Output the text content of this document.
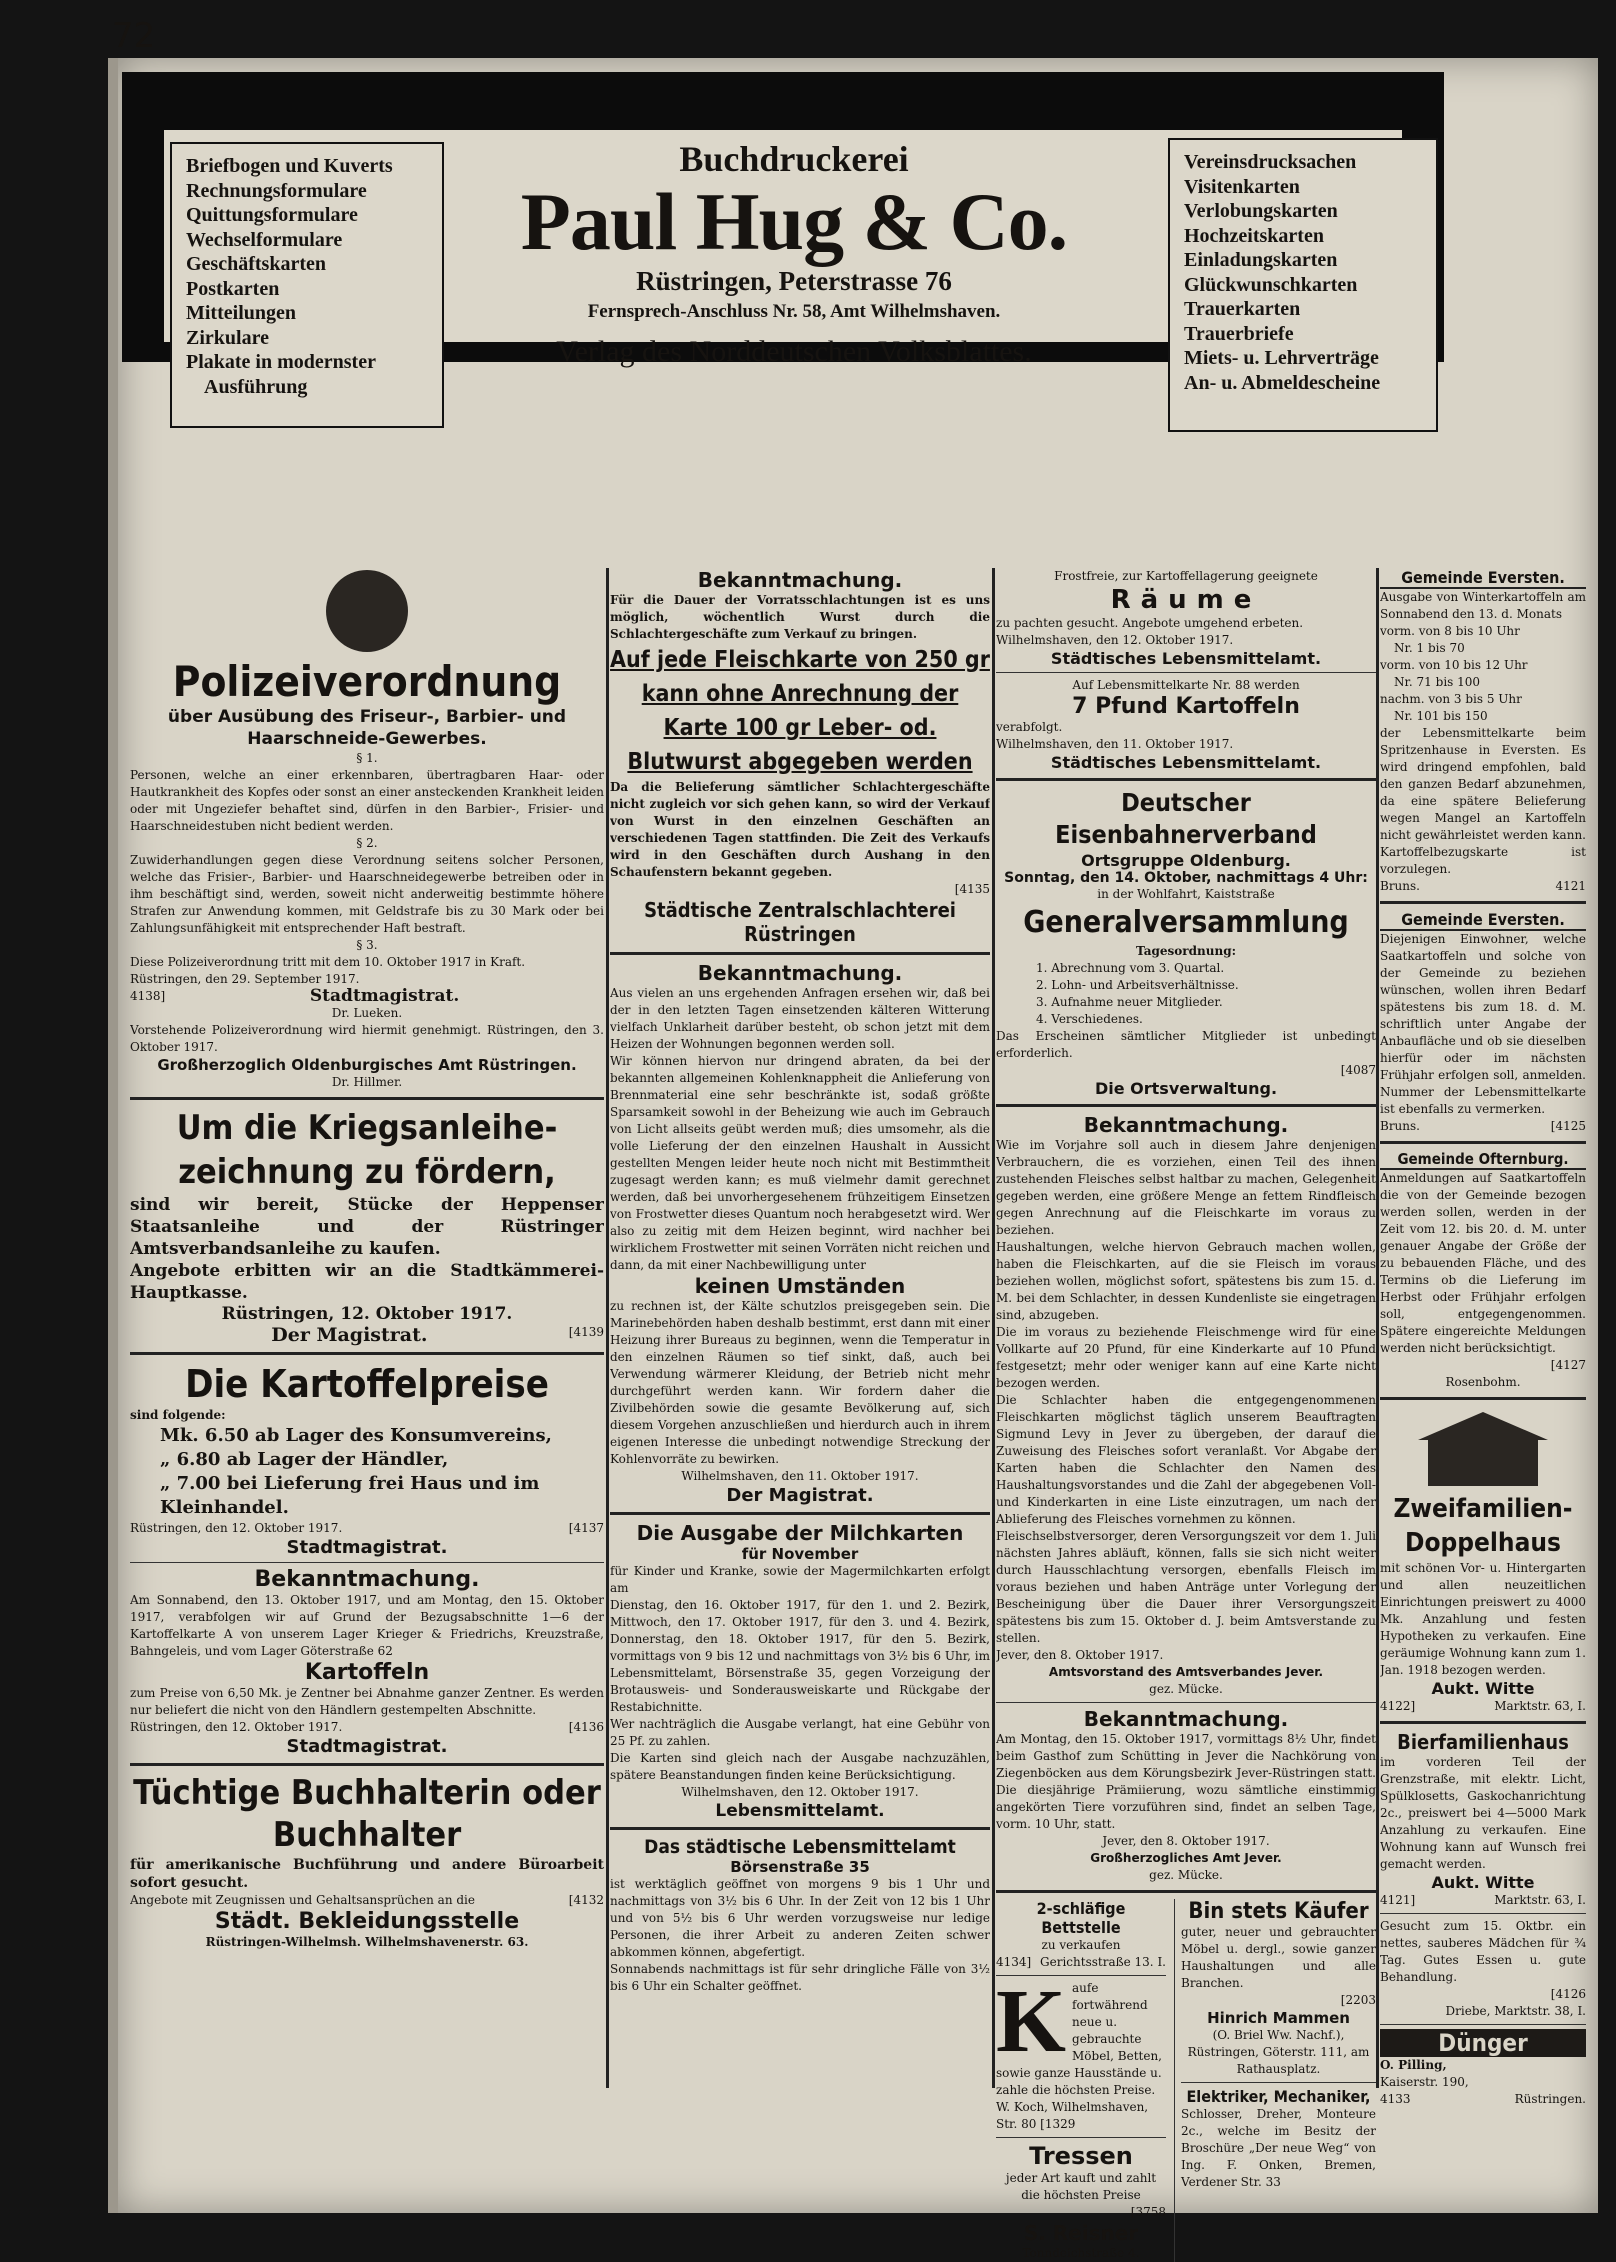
72
Briefbogen und Kuverts
Rechnungsformulare
Quittungsformulare
Wechselformulare
Geschäftskarten
Postkarten
Mitteilungen
Zirkulare
Plakate in modernster
Ausführung
Buchdruckerei
Paul Hug & Co.
Rüstringen, Peterstrasse 76
Fernsprech-Anschluss Nr. 58, Amt Wilhelmshaven.
Verlag des Norddeutschen Volksblattes.
Vereinsdrucksachen
Visitenkarten
Verlobungskarten
Hochzeitskarten
Einladungskarten
Glückwunschkarten
Trauerkarten
Trauerbriefe
Miets- u. Lehrverträge
An- u. Abmeldescheine
Polizeiverordnung
über Ausübung des Friseur-, Barbier- und Haarschneide-Gewerbes.
§ 1.
Personen, welche an einer erkennbaren, übertragbaren Haar- oder Hautkrankheit des Kopfes oder sonst an einer ansteckenden Krankheit leiden oder mit Ungeziefer behaftet sind, dürfen in den Barbier-, Frisier- und Haarschneidestuben nicht bedient werden.
§ 2.
Zuwiderhandlungen gegen diese Verordnung seitens solcher Personen, welche das Frisier-, Barbier- und Haarschneidegewerbe betreiben oder in ihm beschäftigt sind, werden, soweit nicht anderweitig bestimmte höhere Strafen zur Anwendung kommen, mit Geldstrafe bis zu 30 Mark oder bei Zahlungsunfähigkeit mit entsprechender Haft bestraft.
§ 3.
Diese Polizeiverordnung tritt mit dem 10. Oktober 1917 in Kraft.
Rüstringen, den 29. September 1917.
4138]	Stadtmagistrat.
Dr. Lueken.
Vorstehende Polizeiverordnung wird hiermit genehmigt. Rüstringen, den 3. Oktober 1917.
Großherzoglich Oldenburgisches Amt Rüstringen.
Dr. Hillmer.
Um die Kriegsanleihe-zeichnung zu fördern,
sind wir bereit, Stücke der Heppenser Staatsanleihe und der Rüstringer Amtsverbandsanleihe zu kaufen.
Angebote erbitten wir an die Stadtkämmerei-Hauptkasse.
Rüstringen, 12. Oktober 1917.
Der Magistrat.	[4139
Die Kartoffelpreise
sind folgende:
Mk. 6.50 ab Lager des Konsumvereins,
„ 6.80 ab Lager der Händler,
„ 7.00 bei Lieferung frei Haus und im Kleinhandel.
Rüstringen, den 12. Oktober 1917.	[4137
Stadtmagistrat.
Bekanntmachung.
Am Sonnabend, den 13. Oktober 1917, und am Montag, den 15. Oktober 1917, verabfolgen wir auf Grund der Bezugsabschnitte 1—6 der Kartoffelkarte A von unserem Lager Krieger & Friedrichs, Kreuzstraße, Bahngeleis, und vom Lager Göterstraße 62
Kartoffeln
zum Preise von 6,50 Mk. je Zentner bei Abnahme ganzer Zentner. Es werden nur beliefert die nicht von den Händlern gestempelten Abschnitte.
Rüstringen, den 12. Oktober 1917.	[4136
Stadtmagistrat.
Tüchtige Buchhalterin oder Buchhalter
für amerikanische Buchführung und andere Büroarbeit sofort gesucht.
Angebote mit Zeugnissen und Gehaltsansprüchen an die	[4132
Städt. Bekleidungsstelle
Rüstringen-Wilhelmsh. Wilhelmshavenerstr. 63.
Bekanntmachung.
Für die Dauer der Vorratsschlachtungen ist es uns möglich, wöchentlich Wurst durch die Schlachtergeschäfte zum Verkauf zu bringen.
Auf jede Fleischkarte von 250 gr kann ohne Anrechnung der Karte 100 gr Leber- od. Blutwurst abgegeben werden
Da die Belieferung sämtlicher Schlachtergeschäfte nicht zugleich vor sich gehen kann, so wird der Verkauf von Wurst in den einzelnen Geschäften an verschiedenen Tagen stattfinden. Die Zeit des Verkaufs wird in den Geschäften durch Aushang in den Schaufenstern bekannt gegeben.
[4135
Städtische Zentralschlachterei Rüstringen
Bekanntmachung.
Aus vielen an uns ergehenden Anfragen ersehen wir, daß bei der in den letzten Tagen einsetzenden kälteren Witterung vielfach Unklarheit darüber besteht, ob schon jetzt mit dem Heizen der Wohnungen begonnen werden soll.
Wir können hiervon nur dringend abraten, da bei der bekannten allgemeinen Kohlenknappheit die Anlieferung von Brennmaterial eine sehr beschränkte ist, sodaß größte Sparsamkeit sowohl in der Beheizung wie auch im Gebrauch von Licht allseits geübt werden muß; dies umsomehr, als die volle Lieferung der den einzelnen Haushalt in Aussicht gestellten Mengen leider heute noch nicht mit Bestimmtheit zugesagt werden kann; es muß vielmehr damit gerechnet werden, daß bei unvorhergesehenem frühzeitigem Einsetzen von Frostwetter dieses Quantum noch herabgesetzt wird. Wer also zu zeitig mit dem Heizen beginnt, wird nachher bei wirklichem Frostwetter mit seinen Vorräten nicht reichen und dann, da mit einer Nachbewilligung unter
keinen Umständen
zu rechnen ist, der Kälte schutzlos preisgegeben sein. Die Marinebehörden haben deshalb bestimmt, erst dann mit einer Heizung ihrer Bureaus zu beginnen, wenn die Temperatur in den einzelnen Räumen so tief sinkt, daß, auch bei Verwendung wärmerer Kleidung, der Betrieb nicht mehr durchgeführt werden kann. Wir fordern daher die Zivilbehörden sowie die gesamte Bevölkerung auf, sich diesem Vorgehen anzuschließen und hierdurch auch in ihrem eigenen Interesse die unbedingt notwendige Streckung der Kohlenvorräte zu bewirken.
Wilhelmshaven, den 11. Oktober 1917.
Der Magistrat.
Die Ausgabe der Milchkarten
für November
für Kinder und Kranke, sowie der Magermilchkarten erfolgt am
Dienstag, den 16. Oktober 1917, für den 1. und 2. Bezirk, Mittwoch, den 17. Oktober 1917, für den 3. und 4. Bezirk, Donnerstag, den 18. Oktober 1917, für den 5. Bezirk, vormittags von 9 bis 12 und nachmittags von 3½ bis 6 Uhr, im Lebensmittelamt, Börsenstraße 35, gegen Vorzeigung der Brotausweis- und Sonderausweiskarte und Rückgabe der Restabichnitte.
Wer nachträglich die Ausgabe verlangt, hat eine Gebühr von 25 Pf. zu zahlen.
Die Karten sind gleich nach der Ausgabe nachzuzählen, spätere Beanstandungen finden keine Berücksichtigung.
Wilhelmshaven, den 12. Oktober 1917.
Lebensmittelamt.
Das städtische Lebensmittelamt
Börsenstraße 35
ist werktäglich geöffnet von morgens 9 bis 1 Uhr und nachmittags von 3½ bis 6 Uhr. In der Zeit von 12 bis 1 Uhr und von 5½ bis 6 Uhr werden vorzugsweise nur ledige Personen, die ihrer Arbeit zu anderen Zeiten schwer abkommen können, abgefertigt.
Sonnabends nachmittags ist für sehr dringliche Fälle von 3½ bis 6 Uhr ein Schalter geöffnet.
Frostfreie, zur Kartoffellagerung geeignete
Räume
zu pachten gesucht. Angebote umgehend erbeten.
Wilhelmshaven, den 12. Oktober 1917.
Städtisches Lebensmittelamt.
Auf Lebensmittelkarte Nr. 88 werden
7 Pfund Kartoffeln
verabfolgt.
Wilhelmshaven, den 11. Oktober 1917.
Städtisches Lebensmittelamt.
Deutscher Eisenbahnerverband
Ortsgruppe Oldenburg.
Sonntag, den 14. Oktober, nachmittags 4 Uhr:
in der Wohlfahrt, Kaiststraße
Generalversammlung
Tagesordnung:
1. Abrechnung vom 3. Quartal.
2. Lohn- und Arbeitsverhältnisse.
3. Aufnahme neuer Mitglieder.
4. Verschiedenes.
Das Erscheinen sämtlicher Mitglieder ist unbedingt erforderlich.
[4087
Die Ortsverwaltung.
Bekanntmachung.
Wie im Vorjahre soll auch in diesem Jahre denjenigen Verbrauchern, die es vorziehen, einen Teil des ihnen zustehenden Fleisches selbst haltbar zu machen, Gelegenheit gegeben werden, eine größere Menge an fettem Rindfleisch gegen Anrechnung auf die Fleischkarte im voraus zu beziehen.
Haushaltungen, welche hiervon Gebrauch machen wollen, haben die Fleischkarten, auf die sie Fleisch im voraus beziehen wollen, möglichst sofort, spätestens bis zum 15. d. M. bei dem Schlachter, in dessen Kundenliste sie eingetragen sind, abzugeben.
Die im voraus zu beziehende Fleischmenge wird für eine Vollkarte auf 20 Pfund, für eine Kinderkarte auf 10 Pfund festgesetzt; mehr oder weniger kann auf eine Karte nicht bezogen werden.
Die Schlachter haben die entgegengenommenen Fleischkarten möglichst täglich unserem Beauftragten Sigmund Levy in Jever zu übergeben, der darauf die Zuweisung des Fleisches sofort veranlaßt. Vor Abgabe der Karten haben die Schlachter den Namen des Haushaltungsvorstandes und die Zahl der abgegebenen Voll- und Kinderkarten in eine Liste einzutragen, um nach der Ablieferung des Fleisches vornehmen zu können.
Fleischselbstversorger, deren Versorgungszeit vor dem 1. Juli nächsten Jahres abläuft, können, falls sie sich nicht weiter durch Hausschlachtung versorgen, ebenfalls Fleisch im voraus beziehen und haben Anträge unter Vorlegung der Bescheinigung über die Dauer ihrer Versorgungszeit spätestens bis zum 15. Oktober d. J. beim Amtsverstande zu stellen.
Jever, den 8. Oktober 1917.
Amtsvorstand des Amtsverbandes Jever.
gez. Mücke.
Bekanntmachung.
Am Montag, den 15. Oktober 1917, vormittags 8½ Uhr, findet beim Gasthof zum Schütting in Jever die Nachkörung von Ziegenböcken aus dem Körungsbezirk Jever-Rüstringen statt. Die diesjährige Prämiierung, wozu sämtliche einstimmig angekörten Tiere vorzuführen sind, findet an selben Tage, vorm. 10 Uhr, statt.
Jever, den 8. Oktober 1917.
Großherzogliches Amt Jever.
gez. Mücke.
2-schläfige Bettstelle
zu verkaufen
4134] Gerichtsstraße 13. I.
Kaufe fortwährend neue u. gebrauchte Möbel, Betten, sowie ganze Hausstände u. zahle die höchsten Preise. W. Koch, Wilhelmshaven, Str. 80 [1329
Tressen
jeder Art kauft und zahlt die höchsten Preise
[3758
S. Reisner
Tonndeichstraße 4.
Bin stets Käufer
guter, neuer und gebrauchter Möbel u. dergl., sowie ganzer Haushaltungen und alle Branchen.
[2203
Hinrich Mammen
(O. Briel Ww. Nachf.), Rüstringen, Göterstr. 111, am Rathausplatz.
Elektriker, Mechaniker,
Schlosser, Dreher, Monteure 2c., welche im Besitz der Broschüre „Der neue Weg“ von Ing. F. Onken, Bremen, Verdener Str. 33
Gemeinde Eversten.
Ausgabe von Winterkartoffeln am Sonnabend den 13. d. Monats
vorm. von 8 bis 10 Uhr
Nr. 1 bis 70
vorm. von 10 bis 12 Uhr
Nr. 71 bis 100
nachm. von 3 bis 5 Uhr
Nr. 101 bis 150
der Lebensmittelkarte beim Spritzenhause in Eversten. Es wird dringend empfohlen, bald den ganzen Bedarf abzunehmen, da eine spätere Belieferung wegen Mangel an Kartoffeln nicht gewährleistet werden kann. Kartoffelbezugskarte ist vorzulegen.
Bruns.	4121
Gemeinde Eversten.
Diejenigen Einwohner, welche Saatkartoffeln und solche von der Gemeinde zu beziehen wünschen, wollen ihren Bedarf spätestens bis zum 18. d. M. schriftlich unter Angabe der Anbaufläche und ob sie dieselben hierfür oder im nächsten Frühjahr erfolgen soll, anmelden. Nummer der Lebensmittelkarte ist ebenfalls zu vermerken.
Bruns.	[4125
Gemeinde Ofternburg.
Anmeldungen auf Saatkartoffeln die von der Gemeinde bezogen werden sollen, werden in der Zeit vom 12. bis 20. d. M. unter genauer Angabe der Größe der zu bebauenden Fläche, und des Termins ob die Lieferung im Herbst oder Frühjahr erfolgen soll, entgegengenommen. Spätere eingereichte Meldungen werden nicht berücksichtigt.
[4127
Rosenbohm.
Zweifamilien-Doppelhaus
mit schönen Vor- u. Hintergarten und allen neuzeitlichen Einrichtungen preiswert zu 4000 Mk. Anzahlung und festen Hypotheken zu verkaufen. Eine geräumige Wohnung kann zum 1. Jan. 1918 bezogen werden.
Aukt. Witte
4122]	Marktstr. 63, I.
Bierfamilienhaus
im vorderen Teil der Grenzstraße, mit elektr. Licht, Spülklosetts, Gaskochanrichtung 2c., preiswert bei 4—5000 Mark Anzahlung zu verkaufen. Eine Wohnung kann auf Wunsch frei gemacht werden.
Aukt. Witte
4121]	Marktstr. 63, I.
Gesucht zum 15. Oktbr. ein nettes, sauberes Mädchen für ¾ Tag. Gutes Essen u. gute Behandlung.
[4126
Driebe, Marktstr. 38, I.
Dünger
O. Pilling,
Kaiserstr. 190,
4133	Rüstringen.
